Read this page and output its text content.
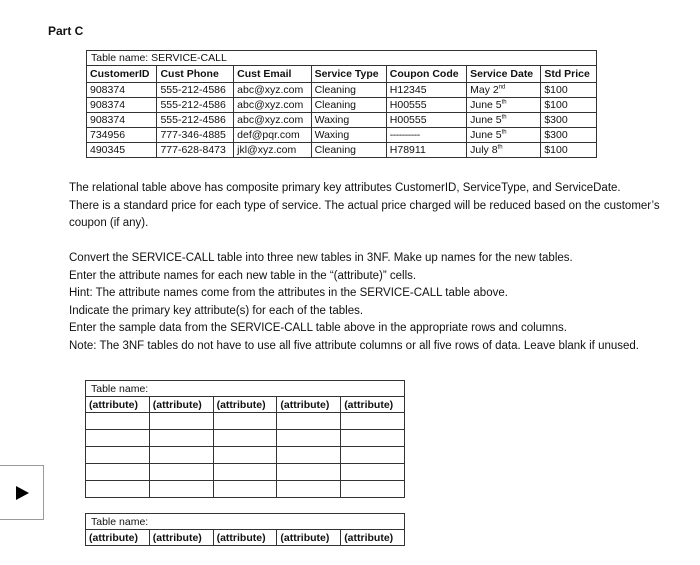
Part C
Table name: SERVICE-CALL						
CustomerID	Cust Phone	Cust Email	Service Type	Coupon Code	Service Date	Std Price
908374	555-212-4586	abc@xyz.com	Cleaning	H12345	May 2nd	$100
908374	555-212-4586	abc@xyz.com	Cleaning	H00555	June 5th	$100
908374	555-212-4586	abc@xyz.com	Waxing	H00555	June 5th	$300
734956	777-346-4885	def@pqr.com	Waxing	----------	June 5th	$300
490345	777-628-8473	jkl@xyz.com	Cleaning	H78911	July 8th	$100
The relational table above has composite primary key attributes CustomerID, ServiceType, and ServiceDate.
There is a standard price for each type of service. The actual price charged will be reduced based on the customer’s
coupon (if any).
Convert the SERVICE-CALL table into three new tables in 3NF. Make up names for the new tables.
Enter the attribute names for each new table in the “(attribute)” cells.
Hint: The attribute names come from the attributes in the SERVICE-CALL table above.
Indicate the primary key attribute(s) for each of the tables.
Enter the sample data from the SERVICE-CALL table above in the appropriate rows and columns.
Note: The 3NF tables do not have to use all five attribute columns or all five rows of data. Leave blank if unused.
Table name:				
(attribute)	(attribute)	(attribute)	(attribute)	(attribute)

Table name:
(attribute)	(attribute)	(attribute)	(attribute)	(attribute)
